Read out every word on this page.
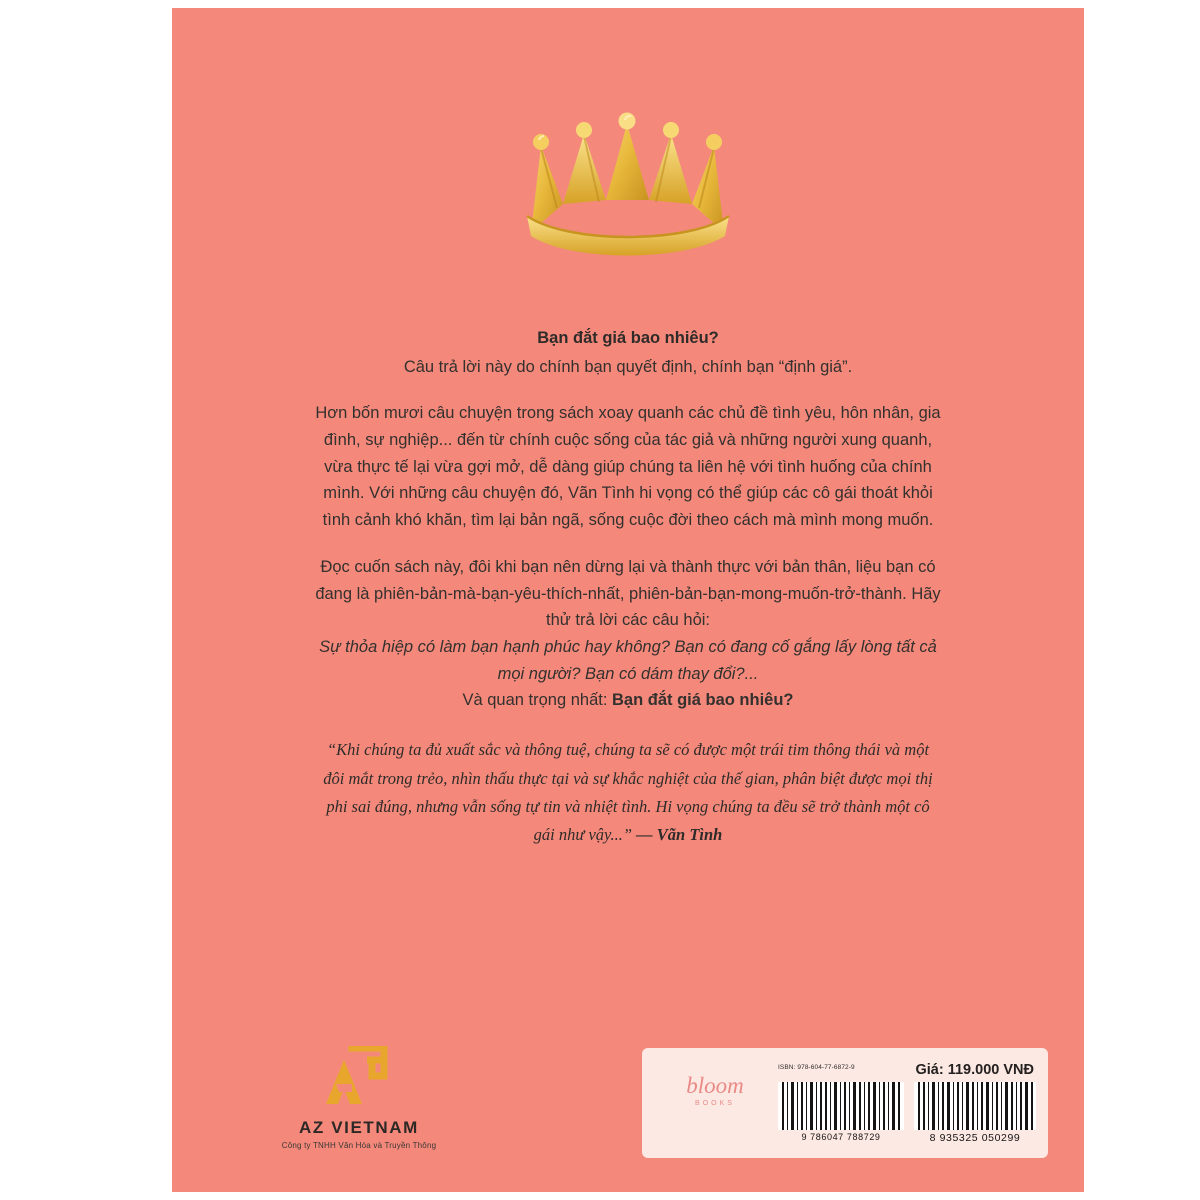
Bạn đắt giá bao nhiêu?

Câu trả lời này do chính bạn quyết định, chính bạn “định giá”.

Hơn bốn mươi câu chuyện trong sách xoay quanh các chủ đề tình yêu, hôn nhân, gia đình, sự nghiệp... đến từ chính cuộc sống của tác giả và những người xung quanh, vừa thực tế lại vừa gợi mở, dễ dàng giúp chúng ta liên hệ với tình huống của chính mình. Với những câu chuyện đó, Vãn Tình hi vọng có thể giúp các cô gái thoát khỏi tình cảnh khó khăn, tìm lại bản ngã, sống cuộc đời theo cách mà mình mong muốn.

Đọc cuốn sách này, đôi khi bạn nên dừng lại và thành thực với bản thân, liệu bạn có đang là phiên-bản-mà-bạn-yêu-thích-nhất, phiên-bản-bạn-mong-muốn-trở-thành. Hãy thử trả lời các câu hỏi:

Sự thỏa hiệp có làm bạn hạnh phúc hay không? Bạn có đang cố gắng lấy lòng tất cả mọi người? Bạn có dám thay đổi?...

Và quan trọng nhất: Bạn đắt giá bao nhiêu?

“Khi chúng ta đủ xuất sắc và thông tuệ, chúng ta sẽ có được một trái tim thông thái và một đôi mắt trong trẻo, nhìn thấu thực tại và sự khắc nghiệt của thế gian, phân biệt được mọi thị phi sai đúng, nhưng vẫn sống tự tin và nhiệt tình. Hi vọng chúng ta đều sẽ trở thành một cô gái như vậy...” — Vãn Tình

AZ VIETNAM

Công ty TNHH Văn Hóa và Truyền Thông

bloom
BOOKS
ISBN: 978-604-77-6872-9	Giá: 119.000 VNĐ
9 786047 788729	8 935325 050299
